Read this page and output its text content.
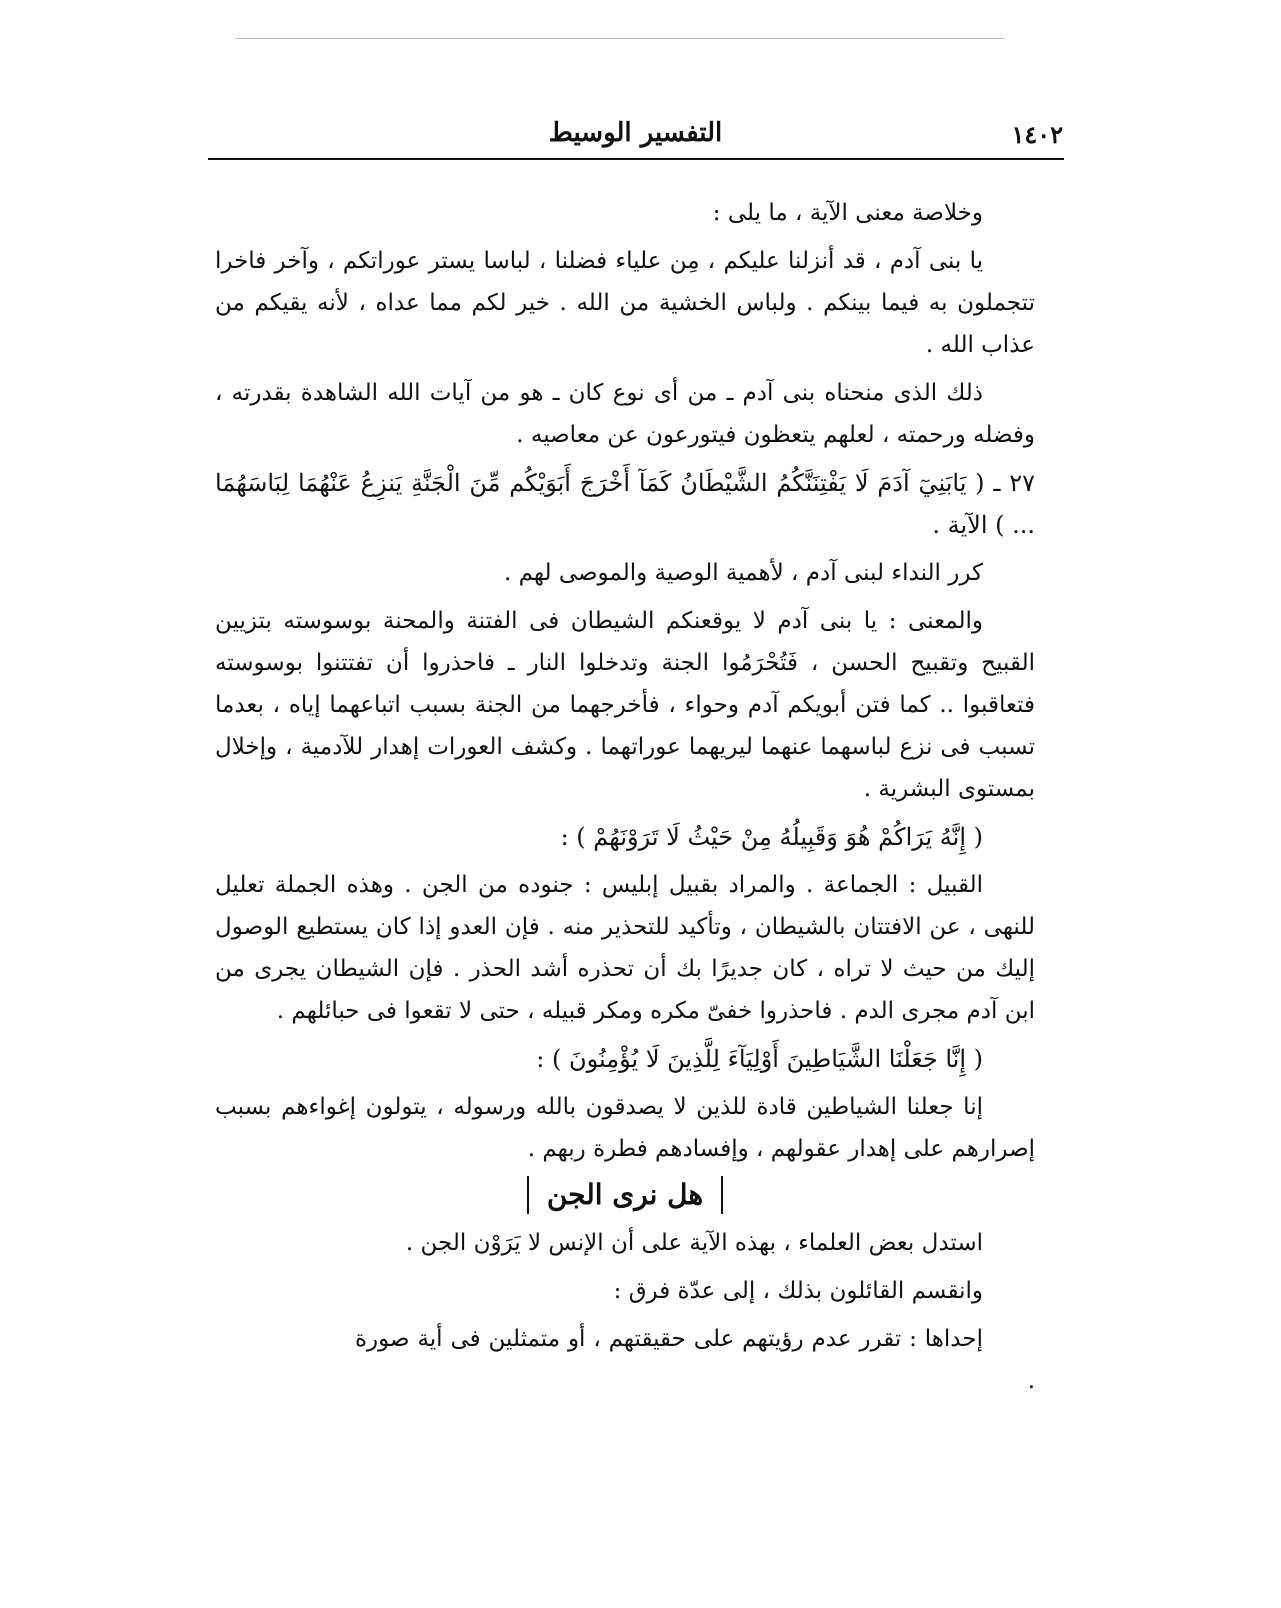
التفسير الوسيط	١٤٠٢

وخلاصة معنى الآية ، ما يلى :

يا بنى آدم ، قد أنزلنا عليكم ، مِن علياء فضلنا ، لباسا يستر عوراتكم ، وآخر فاخرا تتجملون به فيما بينكم . ولباس الخشية من الله . خير لكم مما عداه ، لأنه يقيكم من عذاب الله .

ذلك الذى منحناه بنى آدم ـ من أى نوع كان ـ هو من آيات الله الشاهدة بقدرته ، وفضله ورحمته ، لعلهم يتعظون فيتورعون عن معاصيه .

٢٧ ـ ( يَابَنِيٓ آدَمَ لَا يَفْتِنَنَّكُمُ الشَّيْطَانُ كَمَآ أَخْرَجَ أَبَوَيْكُم مِّنَ الْجَنَّةِ يَنزِعُ عَنْهُمَا لِبَاسَهُمَا ... ) الآية .

كرر النداء لبنى آدم ، لأهمية الوصية والموصى لهم .

والمعنى : يا بنى آدم لا يوقعنكم الشيطان فى الفتنة والمحنة بوسوسته بتزيين القبيح وتقبيح الحسن ، فَتُحْرَمُوا الجنة وتدخلوا النار ـ فاحذروا أن تفتتنوا بوسوسته فتعاقبوا .. كما فتن أبويكم آدم وحواء ، فأخرجهما من الجنة بسبب اتباعهما إياه ، بعدما تسبب فى نزع لباسهما عنهما ليريهما عوراتهما . وكشف العورات إهدار للآدمية ، وإخلال بمستوى البشرية .

( إِنَّهُ يَرَاكُمْ هُوَ وَقَبِيلُهُ مِنْ حَيْثُ لَا تَرَوْنَهُمْ ) :

القبيل : الجماعة . والمراد بقبيل إبليس : جنوده من الجن . وهذه الجملة تعليل للنهى ، عن الافتتان بالشيطان ، وتأكيد للتحذير منه . فإن العدو إذا كان يستطيع الوصول إليك من حيث لا تراه ، كان جديرًا بك أن تحذره أشد الحذر . فإن الشيطان يجرى من ابن آدم مجرى الدم . فاحذروا خفىّ مكره ومكر قبيله ، حتى لا تقعوا فى حبائلهم .

( إِنَّا جَعَلْنَا الشَّيَاطِينَ أَوْلِيَآءَ لِلَّذِينَ لَا يُؤْمِنُونَ ) :

إنا جعلنا الشياطين قادة للذين لا يصدقون بالله ورسوله ، يتولون إغواءهم بسبب إصرارهم على إهدار عقولهم ، وإفسادهم فطرة ربهم .

هل نرى الجن

استدل بعض العلماء ، بهذه الآية على أن الإنس لا يَرَوْن الجن .

وانقسم القائلون بذلك ، إلى عدّة فرق :

إحداها : تقرر عدم رؤيتهم على حقيقتهم ، أو متمثلين فى أية صورة .
